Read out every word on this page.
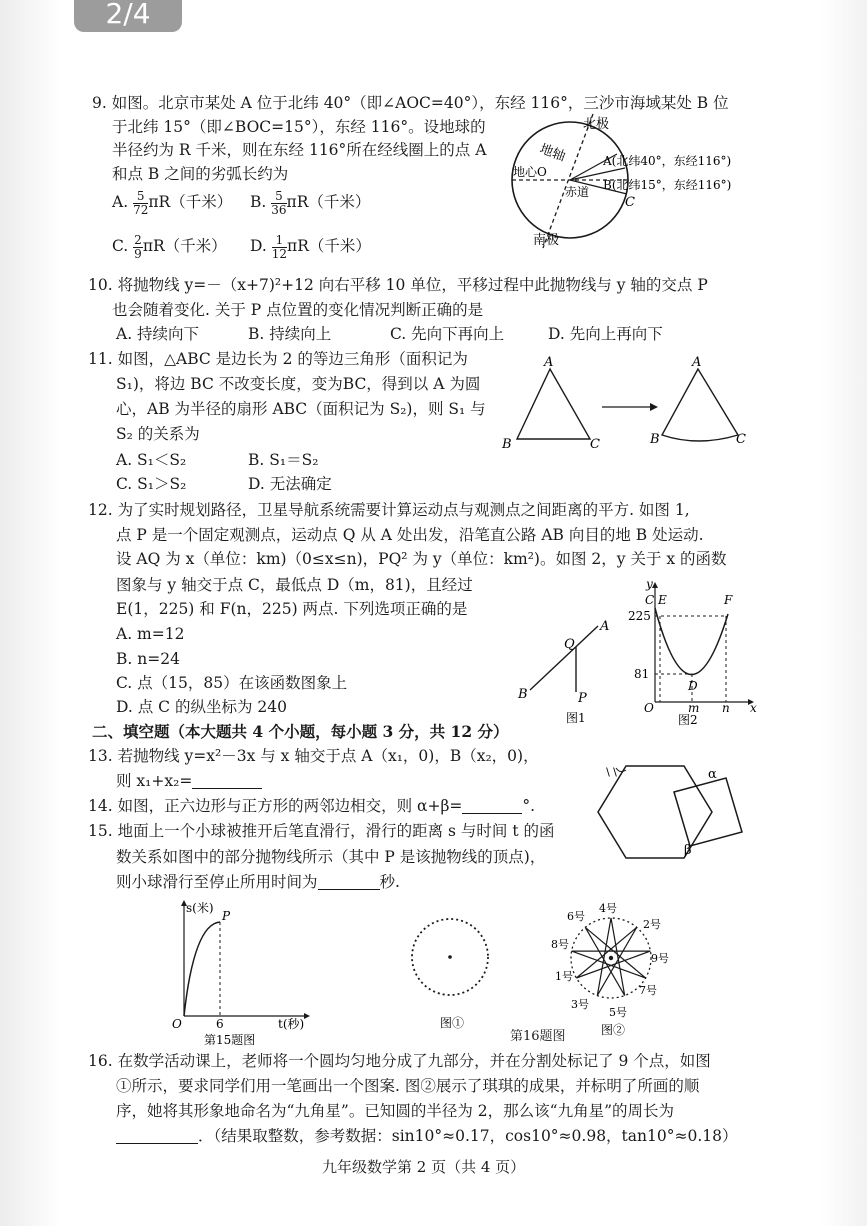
2/4
9. 如图。北京市某处 A 位于北纬 40°（即∠AOC=40°），东经 116°，三沙市海域某处 B 位
于北纬 15°（即∠BOC=15°），东经 116°。设地球的
半径约为 R 千米，则在东经 116°所在经线圈上的点 A
和点 B 之间的劣弧长约为
A. $\frac{5}{72} \pi R$（千米） B. $\frac{5}{36} \pi R$（千米）
C. $\frac{2}{9} \pi R$（千米） D. $\frac{1}{12} \pi R$（千米）
北极
南极
地轴
地心O
赤道
A(北纬40°，东经116°)
B(北纬15°，东经116°)
C
10. 将抛物线 y=－（x+7)²+12 向右平移 10 单位，平移过程中此抛物线与 y 轴的交点 P
也会随着变化. 关于 P 点位置的变化情况判断正确的是
A. 持续向下	B. 持续向上	C. 先向下再向上	D. 先向上再向下
11. 如图，△ABC 是边长为 2 的等边三角形（面积记为
S₁)，将边 BC 不改变长度，变为BC，得到以 A 为圆
心，AB 为半径的扇形 ABC（面积记为 S₂)，则 S₁ 与
S₂ 的关系为
A. S₁＜S₂	B. S₁＝S₂
C. S₁＞S₂	D. 无法确定
A
B	C
A
B	C
12. 为了实时规划路径，卫星导航系统需要计算运动点与观测点之间距离的平方. 如图 1,
点 P 是一个固定观测点，运动点 Q 从 A 处出发，沿笔直公路 AB 向目的地 B 处运动.
设 AQ 为 x（单位：km)（0≤x≤n)，PQ² 为 y（单位：km²)。如图 2，y 关于 x 的函数
图象与 y 轴交于点 C，最低点 D（m，81)，且经过
E(1，225) 和 F(n，225) 两点. 下列选项正确的是
A. m=12
B. n=24
C. 点（15，85）在该函数图象上
D. 点 C 的纵坐标为 240
Q
A
B	P
图1
y
C E	F
225
81
D
O	m n x
图2
二、填空题（本大题共 4 个小题，每小题 3 分，共 12 分）
13. 若抛物线 y=x²－3x 与 x 轴交于点 A（x₁，0)，B（x₂，0)，
则 x₁+x₂=
14. 如图，正六边形与正方形的两邻边相交，则 α+β=	°.
∖∖	α
β
15. 地面上一个小球被推开后笔直滑行，滑行的距离 s 与时间 t 的函
数关系如图中的部分抛物线所示（其中 P 是该抛物线的顶点)，
则小球滑行至停止所用时间为	秒.
s(米)
P
O	6	t(秒)
第15题图
图①
4号
2号
6号
8号
9号
1号
7号
3号
5号
图②
第16题图
16. 在数学活动课上，老师将一个圆均匀地分成了九部分，并在分割处标记了 9 个点，如图
①所示，要求同学们用一笔画出一个图案. 图②展示了琪琪的成果，并标明了所画的顺
序，她将其形象地命名为“九角星”。已知圆的半径为 2，那么该“九角星”的周长为
．（结果取整数，参考数据：sin10°≈0.17，cos10°≈0.98，tan10°≈0.18）
九年级数学第 2 页（共 4 页）
